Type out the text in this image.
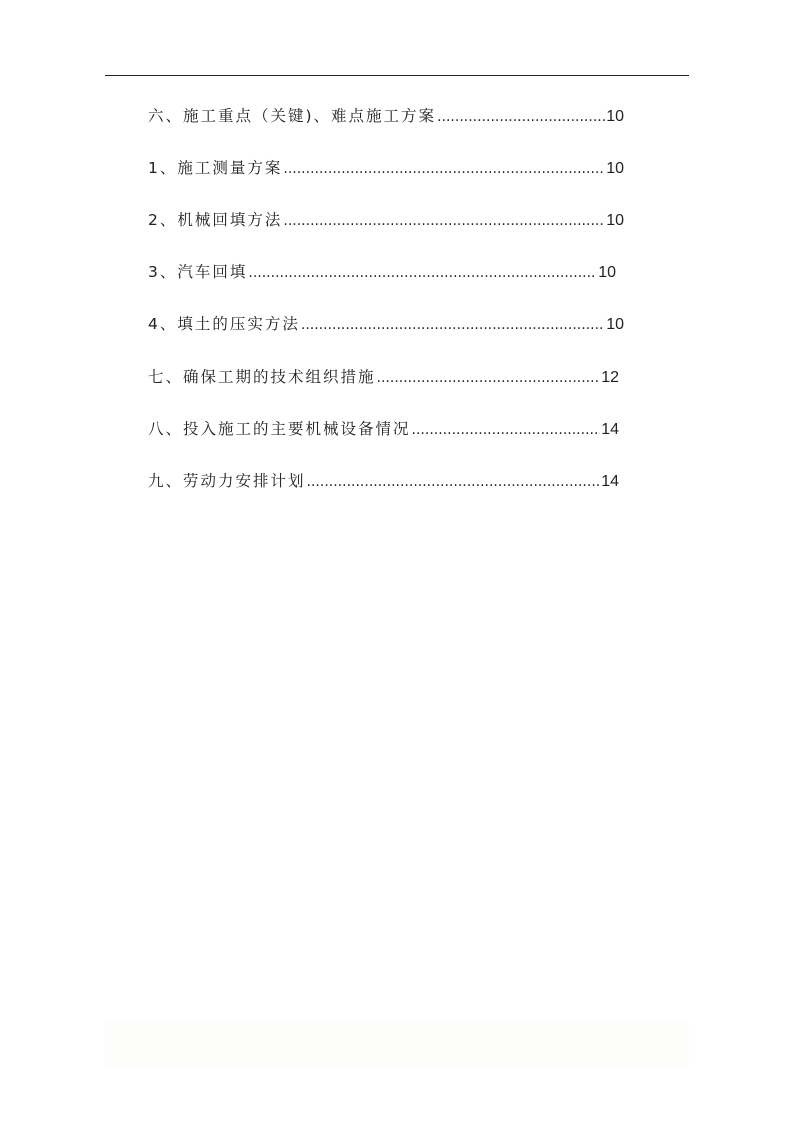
六、施工重点（关键)、难点施工方案 .....	10
1、施工测量方案 .....	10
2、机械回填方法 .....	10
3、汽车回填 .....	10
4、填土的压实方法 .....	10
七、确保工期的技术组织措施 .....	12
八、投入施工的主要机械设备情况 .....	14
九、劳动力安排计划 .....	14
